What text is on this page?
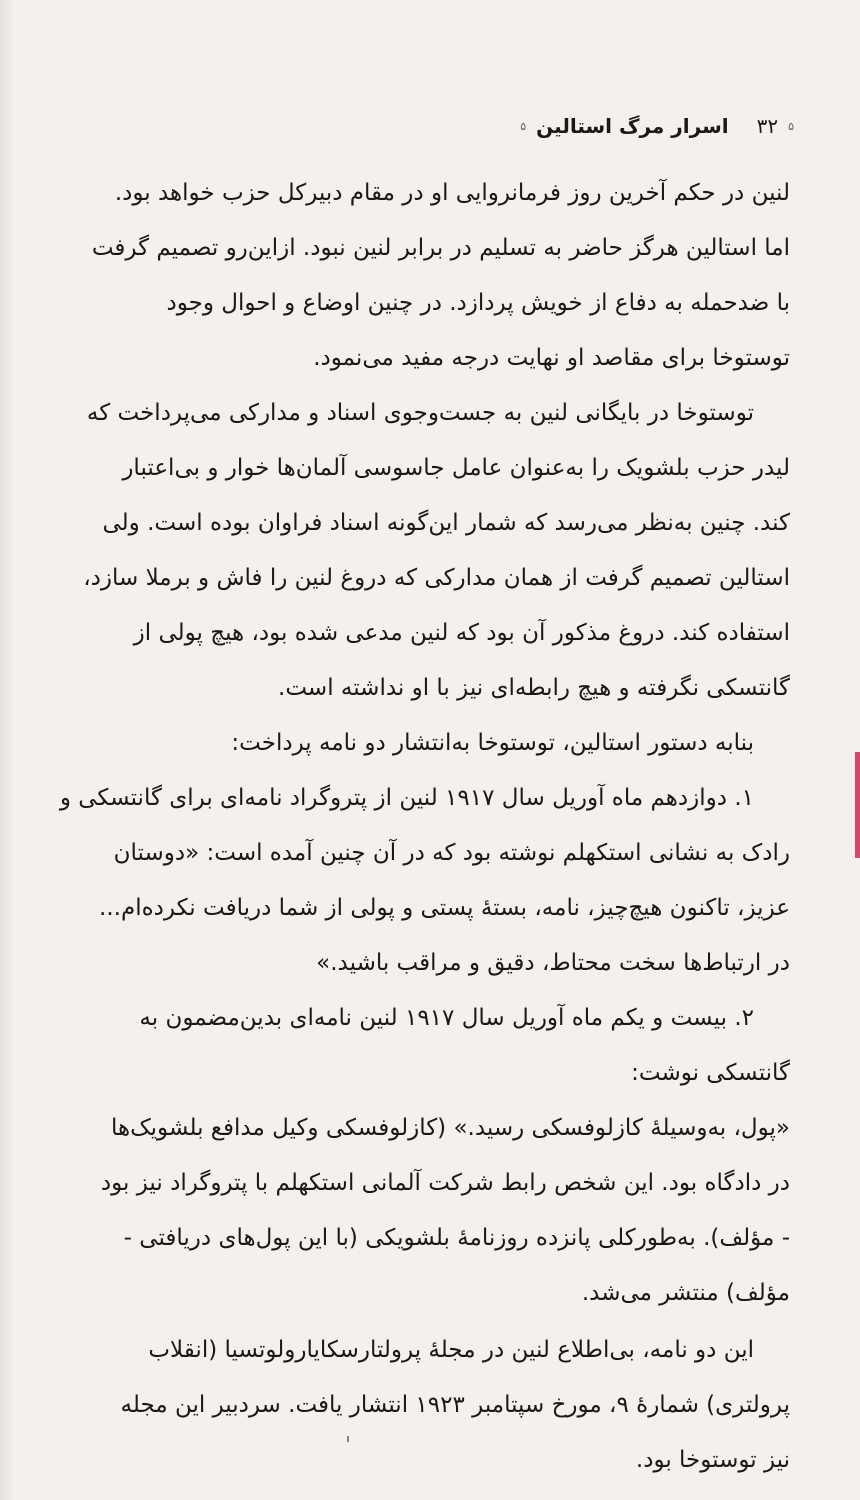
۵
۳۲
اسرار مرگ استالین
۵
لنین در حکم آخرین روز فرمانروایی او در مقام دبیرکل حزب خواهد بود.
اما استالین هرگز حاضر به تسلیم در برابر لنین نبود. ازاین‌رو تصمیم گرفت
با ضدحمله به دفاع از خویش پردازد. در چنین اوضاع و احوال وجود
توستوخا برای مقاصد او نهایت درجه مفید می‌نمود.
توستوخا در بایگانی لنین به جست‌وجوی اسناد و مدارکی می‌پرداخت که
لیدر حزب بلشویک را به‌عنوان عامل جاسوسی آلمان‌ها خوار و بی‌اعتبار
کند. چنین به‌نظر می‌رسد که شمار این‌گونه اسناد فراوان بوده است. ولی
استالین تصمیم گرفت از همان مدارکی که دروغ لنین را فاش و برملا سازد،
استفاده کند. دروغ مذکور آن بود که لنین مدعی شده بود، هیچ پولی از
گانتسکی نگرفته و هیچ رابطه‌ای نیز با او نداشته است.
بنابه دستور استالین، توستوخا به‌انتشار دو نامه پرداخت:
۱. دوازدهم ماه آوریل سال ۱۹۱۷ لنین از پتروگراد نامه‌ای برای گانتسکی و
رادک به نشانی استکهلم نوشته بود که در آن چنین آمده است: «دوستان
عزیز، تاکنون هیچ‌چیز، نامه، بستهٔ پستی و پولی از شما دریافت نکرده‌ام...
در ارتباط‌ها سخت محتاط، دقیق و مراقب باشید.»
۲. بیست و یکم ماه آوریل سال ۱۹۱۷ لنین نامه‌ای بدین‌مضمون به
گانتسکی نوشت:
«پول، به‌وسیلهٔ کازلوفسکی رسید.» (کازلوفسکی وکیل مدافع بلشویک‌ها
در دادگاه بود. این شخص رابط شرکت آلمانی استکهلم با پتروگراد نیز بود
- مؤلف). به‌طورکلی پانزده روزنامهٔ بلشویکی (با این پول‌های دریافتی -
مؤلف) منتشر می‌شد.
این دو نامه، بی‌اطلاع لنین در مجلهٔ پرولتارسکایارولوتسیا (انقلاب
پرولتری) شمارهٔ ۹، مورخ سپتامبر ۱۹۲۳ انتشار یافت. سردبیر این مجله
نیز توستوخا بود.
